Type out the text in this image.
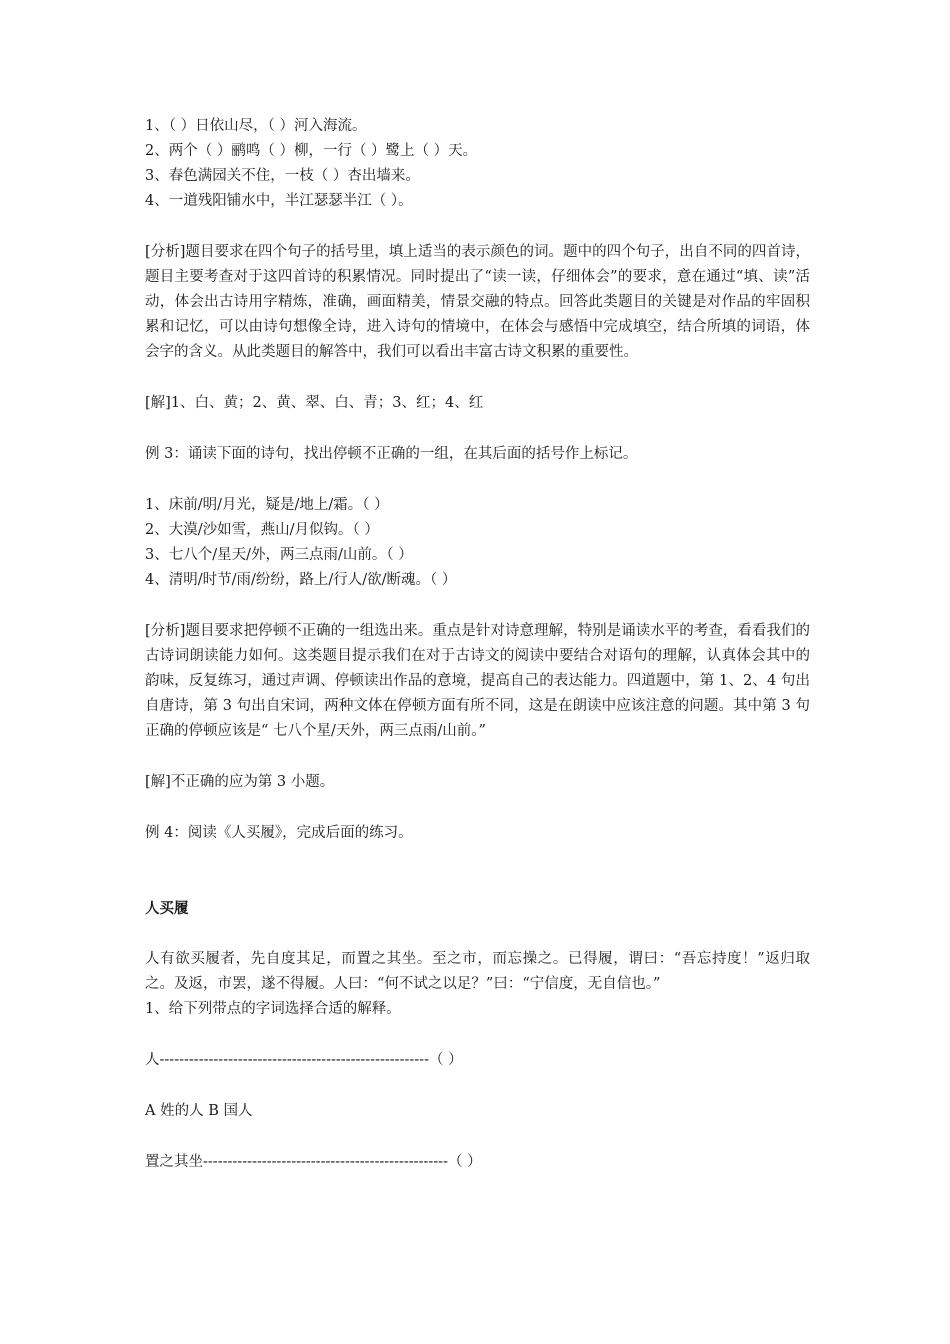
1、（ ）日依山尽，（ ）河入海流。
2、两个（ ）鹂鸣（ ）柳，一行（ ）鹭上（ ）天。
3、春色满园关不住，一枝（ ）杏出墙来。
4、一道残阳铺水中，半江瑟瑟半江（ ）。
[分析]题目要求在四个句子的括号里，填上适当的表示颜色的词。题中的四个句子，出自不同的四首诗，题目主要考查对于这四首诗的积累情况。同时提出了“读一读，仔细体会”的要求，意在通过“填、读”活动，体会出古诗用字精炼，准确，画面精美，情景交融的特点。回答此类题目的关键是对作品的牢固积累和记忆，可以由诗句想像全诗，进入诗句的情境中，在体会与感悟中完成填空，结合所填的词语，体会字的含义。从此类题目的解答中，我们可以看出丰富古诗文积累的重要性。
[解]1、白、黄；2、黄、翠、白、青；3、红；4、红
例 3：诵读下面的诗句，找出停顿不正确的一组，在其后面的括号作上标记。
1、床前/明/月光，疑是/地上/霜。（ ）
2、大漠/沙如雪，燕山/月似钩。（ ）
3、七八个/星天/外，两三点雨/山前。（ ）
4、清明/时节/雨/纷纷，路上/行人/欲/断魂。（ ）
[分析]题目要求把停顿不正确的一组选出来。重点是针对诗意理解，特别是诵读水平的考查，看看我们的古诗词朗读能力如何。这类题目提示我们在对于古诗文的阅读中要结合对语句的理解，认真体会其中的韵味，反复练习，通过声调、停顿读出作品的意境，提高自己的表达能力。四道题中，第 1、2、4 句出自唐诗，第 3 句出自宋词，两种文体在停顿方面有所不同，这是在朗读中应该注意的问题。其中第 3 句正确的停顿应该是“ 七八个星/天外，两三点雨/山前。”
[解]不正确的应为第 3 小题。
例 4：阅读《人买履》，完成后面的练习。
人买履
人有欲买履者，先自度其足，而置之其坐。至之市，而忘操之。已得履，谓曰：“吾忘持度！”返归取之。及返，市罢，遂不得履。人曰：“何不试之以足？”曰：“宁信度，无自信也。”
1、给下列带点的字词选择合适的解释。
人-------------------------------------------------------（ ）
A 姓的人 B 国人
置之其坐--------------------------------------------------（ ）
